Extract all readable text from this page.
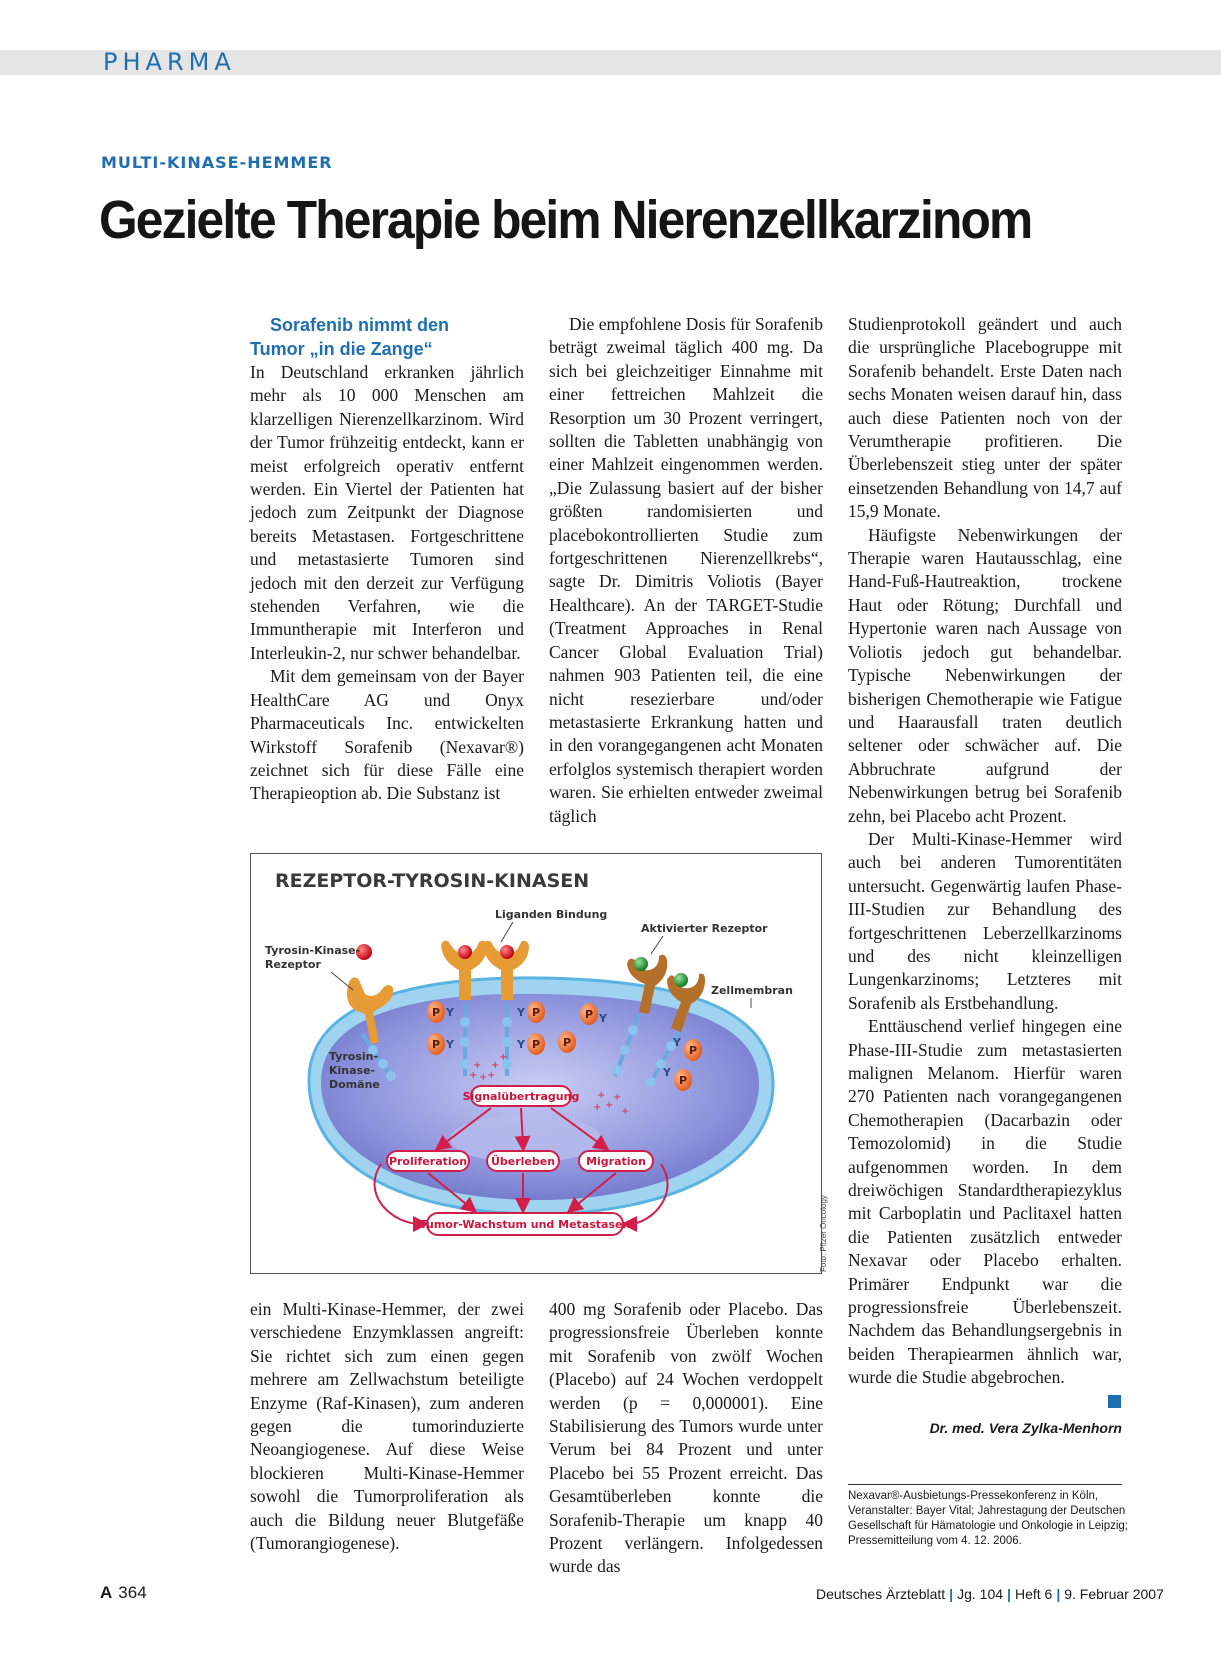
PHARMA
MULTI-KINASE-HEMMER
Gezielte Therapie beim Nierenzellkarzinom

Sorafenib nimmt den
Tumor „in die Zange“

In Deutschland erkranken jährlich mehr als 10 000 Menschen am klarzelligen Nierenzellkarzinom. Wird der Tumor frühzeitig entdeckt, kann er meist erfolgreich operativ entfernt werden. Ein Viertel der Patienten hat jedoch zum Zeitpunkt der Diagnose bereits Metastasen. Fortgeschrittene und metastasierte Tumoren sind jedoch mit den derzeit zur Verfügung stehenden Verfahren, wie die Immuntherapie mit Interferon und Interleukin-2, nur schwer behandelbar.

Mit dem gemeinsam von der Bayer HealthCare AG und Onyx Pharmaceuticals Inc. entwickelten Wirkstoff Sorafenib (Nexavar®) zeichnet sich für diese Fälle eine Therapieoption ab. Die Substanz ist

Die empfohlene Dosis für Sorafenib beträgt zweimal täglich 400 mg. Da sich bei gleichzeitiger Einnahme mit einer fettreichen Mahlzeit die Resorption um 30 Prozent verringert, sollten die Tabletten unabhängig von einer Mahlzeit eingenommen werden. „Die Zulassung basiert auf der bisher größten randomisierten und placebokontrollierten Studie zum fortgeschrittenen Nierenzellkrebs“, sagte Dr. Dimitris Voliotis (Bayer Healthcare). An der TARGET-Studie (Treatment Approaches in Renal Cancer Global Evaluation Trial) nahmen 903 Patienten teil, die eine nicht resezierbare und/oder metastasierte Erkrankung hatten und in den vorangegangenen acht Monaten erfolglos systemisch therapiert worden waren. Sie erhielten entweder zweimal täglich

Studienprotokoll geändert und auch die ursprüngliche Placebogruppe mit Sorafenib behandelt. Erste Daten nach sechs Monaten weisen darauf hin, dass auch diese Patienten noch von der Verumtherapie profitieren. Die Überlebenszeit stieg unter der später einsetzenden Behandlung von 14,7 auf 15,9 Monate.

Häufigste Nebenwirkungen der Therapie waren Hautausschlag, eine Hand-Fuß-Hautreaktion, trockene Haut oder Rötung; Durchfall und Hypertonie waren nach Aussage von Voliotis jedoch gut behandelbar. Typische Nebenwirkungen der bisherigen Chemotherapie wie Fatigue und Haarausfall traten deutlich seltener oder schwächer auf. Die Abbruchrate aufgrund der Nebenwirkungen betrug bei Sorafenib zehn, bei Placebo acht Prozent.

Der Multi-Kinase-Hemmer wird auch bei anderen Tumorentitäten untersucht. Gegenwärtig laufen Phase-III-Studien zur Behandlung des fortgeschrittenen Leberzellkarzinoms und des nicht kleinzelligen Lungenkarzinoms; Letzteres mit Sorafenib als Erstbehandlung.

Enttäuschend verlief hingegen eine Phase-III-Studie zum metastasierten malignen Melanom. Hierfür waren 270 Patienten nach vorangegangenen Chemotherapien (Dacarbazin oder Temozolomid) in die Studie aufgenommen worden. In dem dreiwöchigen Standardtherapiezyklus mit Carboplatin und Paclitaxel hatten die Patienten zusätzlich entweder Nexavar oder Placebo erhalten. Primärer Endpunkt war die progressionsfreie Überlebenszeit. Nachdem das Behandlungsergebnis in beiden Therapiearmen ähnlich war, wurde die Studie abgebrochen.

ein Multi-Kinase-Hemmer, der zwei verschiedene Enzymklassen angreift: Sie richtet sich zum einen gegen mehrere am Zellwachstum beteiligte Enzyme (Raf-Kinasen), zum anderen gegen die tumorinduzierte Neoangiogenese. Auf diese Weise blockieren Multi-Kinase-Hemmer sowohl die Tumorproliferation als auch die Bildung neuer Blutgefäße (Tumorangiogenese).

400 mg Sorafenib oder Placebo. Das progressionsfreie Überleben konnte mit Sorafenib von zwölf Wochen (Placebo) auf 24 Wochen verdoppelt werden (p = 0,000001). Eine Stabilisierung des Tumors wurde unter Verum bei 84 Prozent und unter Placebo bei 55 Prozent erreicht. Das Gesamtüberleben konnte die Sorafenib-Therapie um knapp 40 Prozent verlängern. Infolgedessen wurde das

Dr. med. Vera Zylka-Menhorn
Nexavar®-Ausbietungs-Pressekonferenz in Köln, Veranstalter: Bayer Vital; Jahrestagung der Deutschen Gesellschaft für Hämatologie und Onkologie in Leipzig; Pressemitteilung vom 4. 12. 2006.
REZEPTOR-TYROSIN-KINASEN
P
P
Y
Y
P
P
Y
Y
P
P
Y
P
P
Y
Y
+
+ +
+
+
+
+
+
+
+ +
Liganden Bindung
Aktivierter Rezeptor
Tyrosin-Kinase-
Rezeptor
Zellmembran
Tyrosin-
Kinase-
Domäne
Signalübertragung
Proliferation Überleben	Migration
Tumor-Wachstum und Metastasen	Foto: Pfizer Oncology
A 364	Deutsches Ärzteblatt | Jg. 104 | Heft 6 | 9. Februar 2007
